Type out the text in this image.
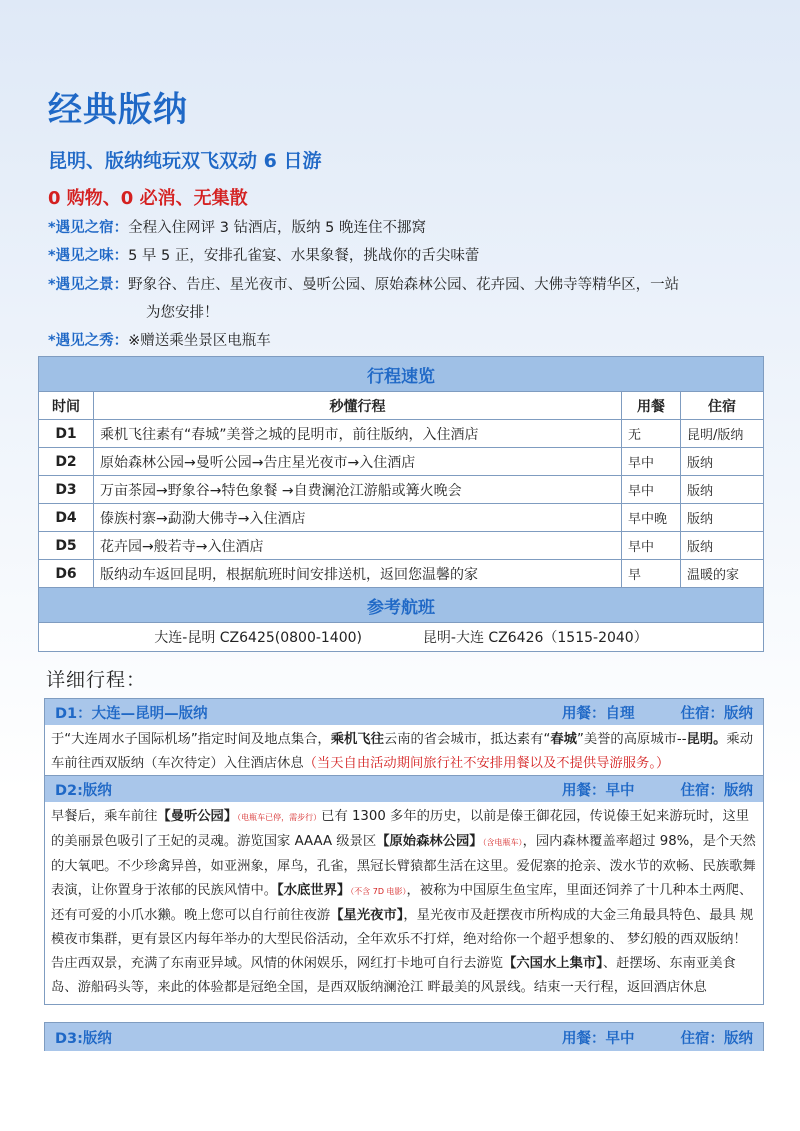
经典版纳
昆明、版纳纯玩双飞双动 6 日游
0 购物、0 必消、无集散
*遇见之宿：全程入住网评 3 钻酒店，版纳 5 晚连住不挪窝
*遇见之味：5 早 5 正，安排孔雀宴、水果象餐，挑战你的舌尖味蕾
*遇见之景：野象谷、告庄、星光夜市、曼听公园、原始森林公园、花卉园、大佛寺等精华区，一站
为您安排！
*遇见之秀：※赠送乘坐景区电瓶车
行程速览			
时间	秒懂行程	用餐	住宿
D1	乘机飞往素有“春城”美誉之城的昆明市，前往版纳，入住酒店	无	昆明/版纳
D2	原始森林公园→曼听公园→告庄星光夜市→入住酒店	早中	版纳
D3	万亩茶园→野象谷→特色象餐 →自费澜沧江游船或篝火晚会	早中	版纳
D4	傣族村寨→勐泐大佛寺→入住酒店	早中晚	版纳
D5	花卉园→般若寺→入住酒店	早中	版纳
D6	版纳动车返回昆明，根据航班时间安排送机，返回您温馨的家	早	温暖的家
参考航班			
大连-昆明 CZ6425(0800-1400) 昆明-大连 CZ6426（1515-2040）			
详细行程：
D1：大连—昆明—版纳	用餐：自理	住宿：版纳
于“大连周水子国际机场”指定时间及地点集合，乘机飞往云南的省会城市，抵达素有“春城”美誉的高原城市--昆明。乘动车前往西双版纳（车次待定）入住酒店休息（当天自由活动期间旅行社不安排用餐以及不提供导游服务。）
D2:版纳	用餐：早中	住宿：版纳
早餐后，乘车前往【曼听公园】（电瓶车已停，需步行）已有 1300 多年的历史，以前是傣王御花园，传说傣王妃来游玩时，这里的美丽景色吸引了王妃的灵魂。游览国家 AAAA 级景区【原始森林公园】（含电瓶车），园内森林覆盖率超过 98%，是个天然的大氧吧。不少珍禽异兽，如亚洲象，犀鸟，孔雀，黑冠长臂猿都生活在这里。爱伲寨的抢亲、泼水节的欢畅、民族歌舞表演，让你置身于浓郁的民族风情中。【水底世界】（不含 7D 电影），被称为中国原生鱼宝库，里面还饲养了十几种本土两爬、还有可爱的小爪水獭。晚上您可以自行前往夜游【星光夜市】，星光夜市及赶摆夜市所构成的大金三角最具特色、最具 规模夜市集群，更有景区内每年举办的大型民俗活动，全年欢乐不打烊，绝对给你一个超乎想象的、 梦幻般的西双版纳！告庄西双景，充满了东南亚异域。风情的休闲娱乐，网红打卡地可自行去游览【六国水上集市】、赶摆场、东南亚美食岛、游船码头等，来此的体验都是冠绝全国，是西双版纳澜沧江 畔最美的风景线。结束一天行程，返回酒店休息
D3:版纳	用餐：早中	住宿：版纳
